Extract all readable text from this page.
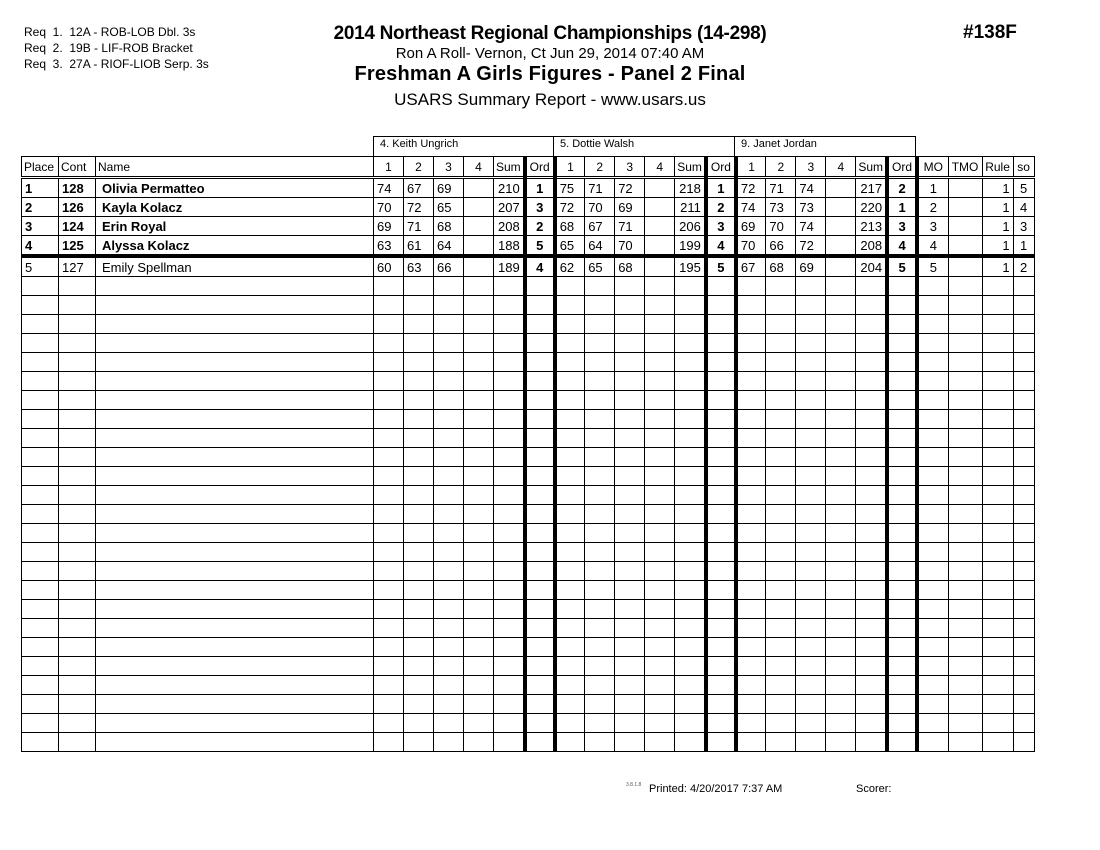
Req  1.  12A - ROB-LOB Dbl. 3s
Req  2.  19B - LIF-ROB Bracket
Req  3.  27A - RIOF-LIOB Serp. 3s
2014 Northeast Regional Championships (14-298)
Ron A Roll- Vernon, Ct Jun 29, 2014 07:40 AM
Freshman A Girls Figures - Panel 2 Final
USARS Summary Report - www.usars.us
#138F
4. Keith Ungrich	5. Dottie Walsh	9. Janet Jordan
Place	Cont	Name	1	2	3	4	Sum	Ord	1	2	3	4	Sum	Ord	1	2	3	4	Sum	Ord	MO	TMO	Rule	so
1	128	Olivia Permatteo	74	67	69		210	1	75	71	72		218	1	72	71	74		217	2	1		1	5
2	126	Kayla Kolacz	70	72	65		207	3	72	70	69		211	2	74	73	73		220	1	2		1	4
3	124	Erin Royal	69	71	68		208	2	68	67	71		206	3	69	70	74		213	3	3		1	3
4	125	Alyssa Kolacz	63	61	64		188	5	65	64	70		199	4	70	66	72		208	4	4		1	1
5	127	Emily Spellman	60	63	66		189	4	62	65	68		195	5	67	68	69		204	5	5		1	2

3.8.1.8 Printed: 4/20/2017 7:37 AM	Scorer:
